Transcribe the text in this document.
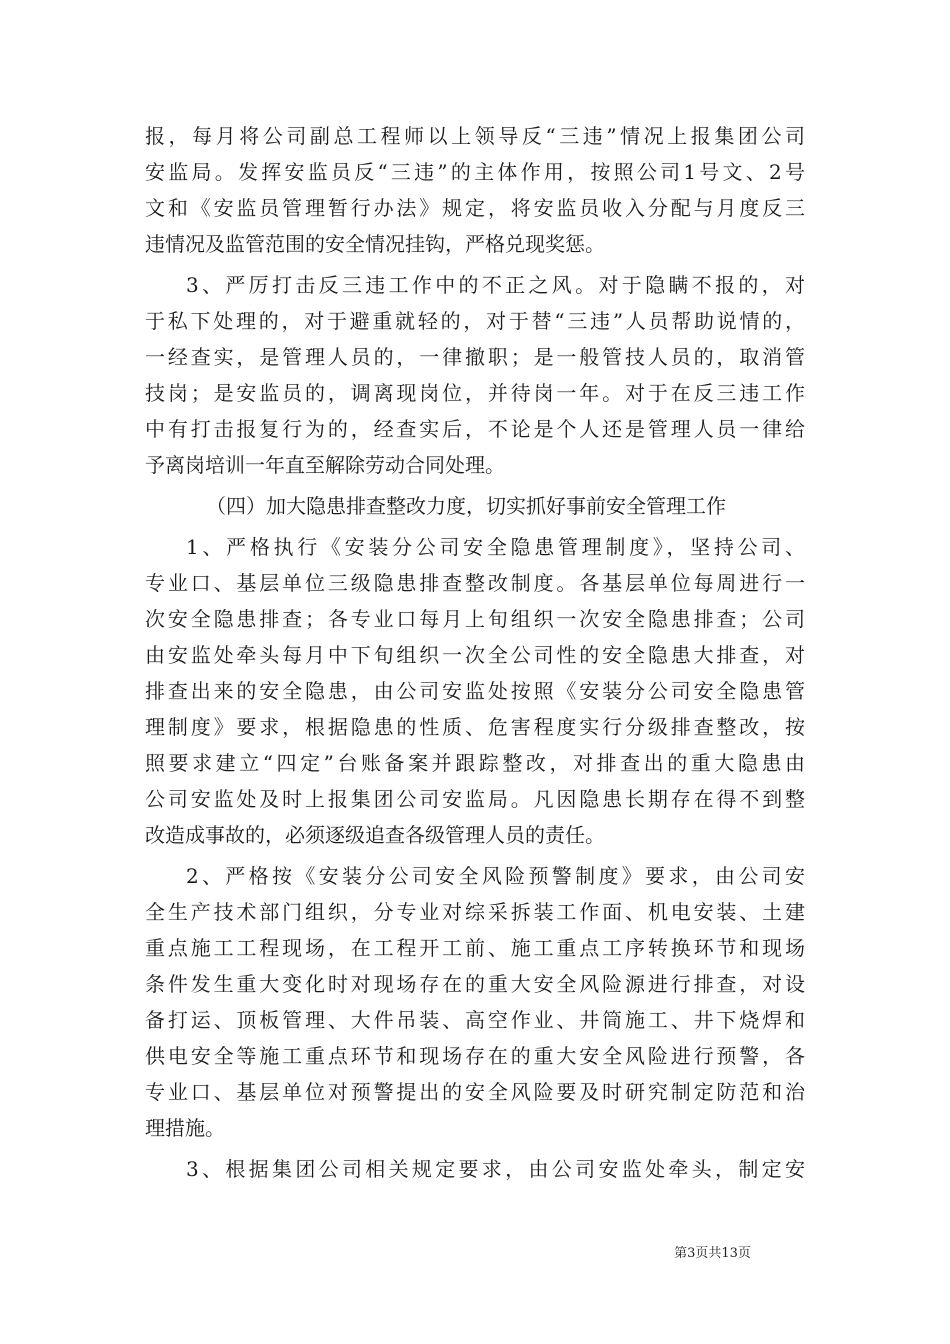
报，每月将公司副总工程师以上领导反“三违”情况上报集团公司
安监局。发挥安监员反“三违”的主体作用，按照公司1号文、2号
文和《安监员管理暂行办法》规定，将安监员收入分配与月度反三
违情况及监管范围的安全情况挂钩，严格兑现奖惩。
3、严厉打击反三违工作中的不正之风。对于隐瞒不报的，对
于私下处理的，对于避重就轻的，对于替“三违”人员帮助说情的，
一经查实，是管理人员的，一律撤职；是一般管技人员的，取消管
技岗；是安监员的，调离现岗位，并待岗一年。对于在反三违工作
中有打击报复行为的，经查实后，不论是个人还是管理人员一律给
予离岗培训一年直至解除劳动合同处理。
（四）加大隐患排查整改力度，切实抓好事前安全管理工作
1、严格执行《安装分公司安全隐患管理制度》，坚持公司、
专业口、基层单位三级隐患排查整改制度。各基层单位每周进行一
次安全隐患排查；各专业口每月上旬组织一次安全隐患排查；公司
由安监处牵头每月中下旬组织一次全公司性的安全隐患大排查，对
排查出来的安全隐患，由公司安监处按照《安装分公司安全隐患管
理制度》要求，根据隐患的性质、危害程度实行分级排查整改，按
照要求建立“四定”台账备案并跟踪整改，对排查出的重大隐患由
公司安监处及时上报集团公司安监局。凡因隐患长期存在得不到整
改造成事故的，必须逐级追查各级管理人员的责任。
2、严格按《安装分公司安全风险预警制度》要求，由公司安
全生产技术部门组织，分专业对综采拆装工作面、机电安装、土建
重点施工工程现场，在工程开工前、施工重点工序转换环节和现场
条件发生重大变化时对现场存在的重大安全风险源进行排查，对设
备打运、顶板管理、大件吊装、高空作业、井筒施工、井下烧焊和
供电安全等施工重点环节和现场存在的重大安全风险进行预警，各
专业口、基层单位对预警提出的安全风险要及时研究制定防范和治
理措施。
3、根据集团公司相关规定要求，由公司安监处牵头，制定安
第3页共13页
